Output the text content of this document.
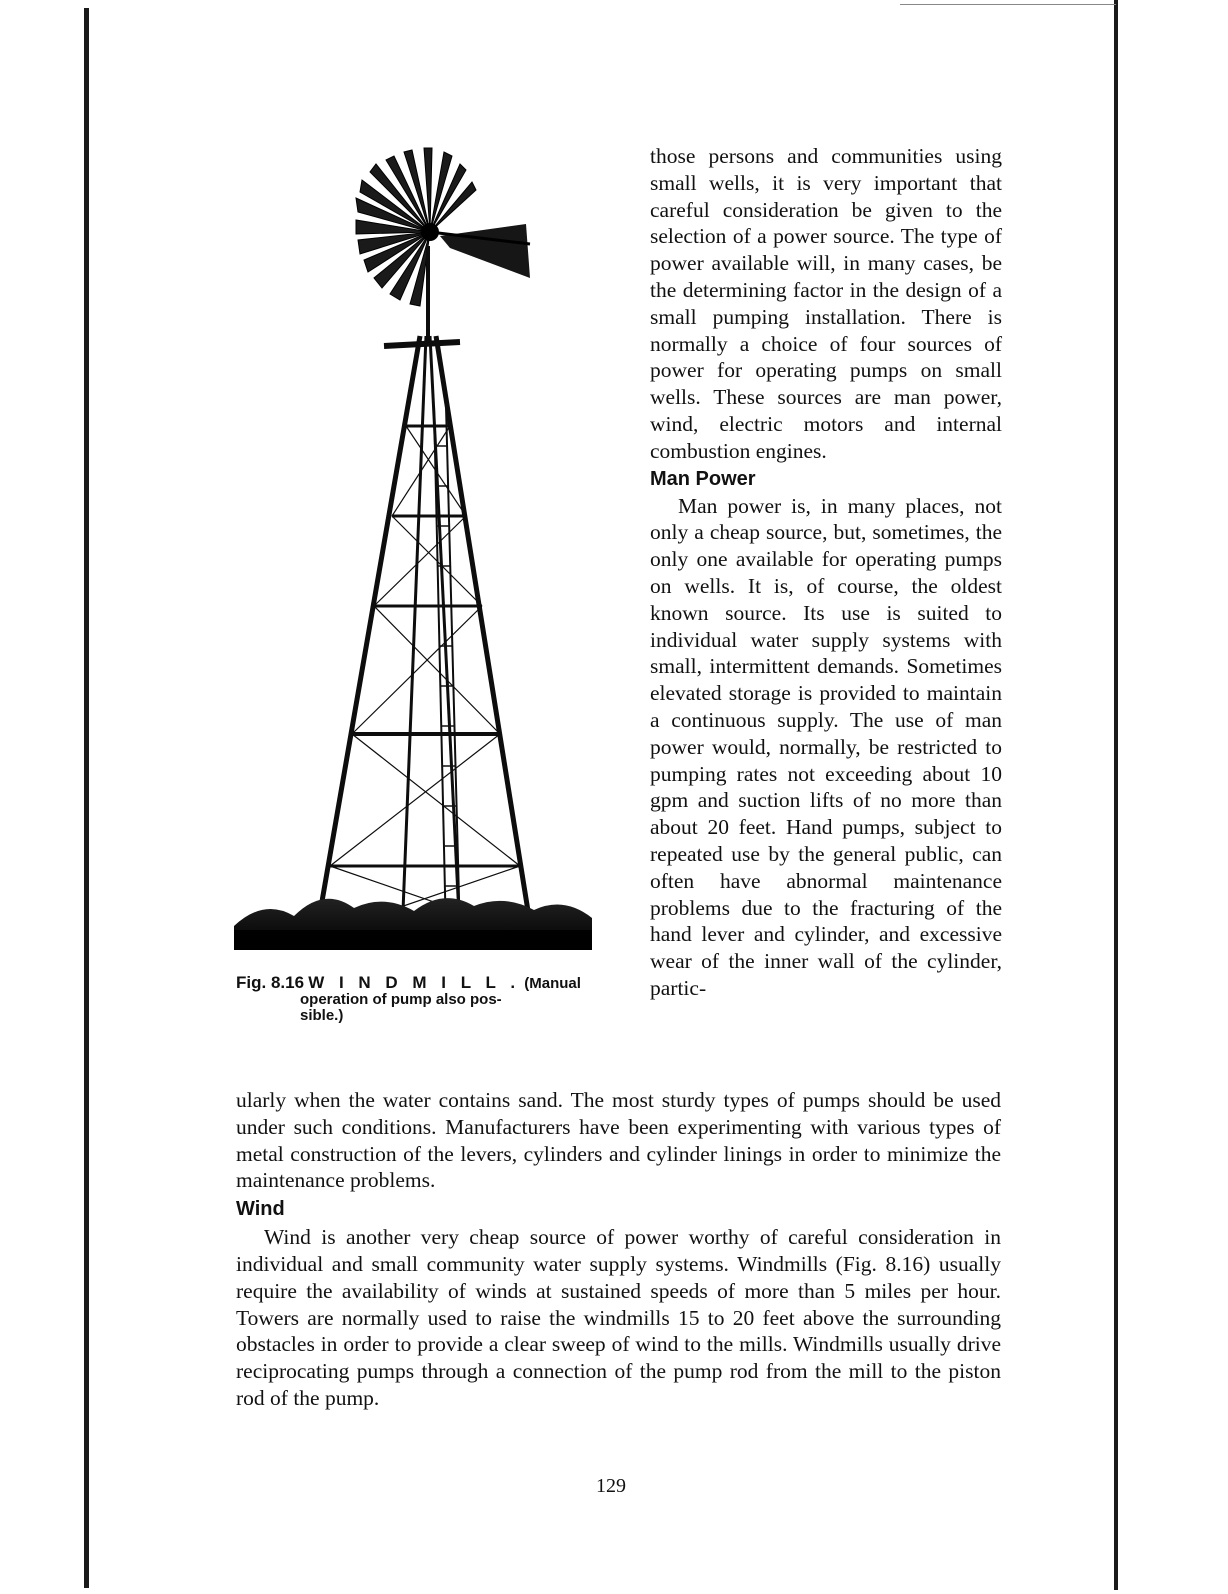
Fig. 8.16 W I N D M I L L . (Manual
operation of pump also pos-
sible.)

those persons and communities using small wells, it is very important that careful consideration be given to the selection of a power source. The type of power available will, in many cases, be the determining factor in the design of a small pumping installation. There is normally a choice of four sources of power for operating pumps on small wells. These sources are man power, wind, electric motors and internal combustion engines.

Man Power

Man power is, in many places, not only a cheap source, but, sometimes, the only one available for operating pumps on wells. It is, of course, the oldest known source. Its use is suited to individual water supply systems with small, intermittent demands. Sometimes elevated storage is provided to maintain a continuous supply. The use of man power would, normally, be restricted to pumping rates not exceeding about 10 gpm and suction lifts of no more than about 20 feet. Hand pumps, subject to repeated use by the general public, can often have abnormal maintenance problems due to the fracturing of the hand lever and cylinder, and excessive wear of the inner wall of the cylinder, partic-

ularly when the water contains sand. The most sturdy types of pumps should be used under such conditions. Manufacturers have been experimenting with various types of metal construction of the levers, cylinders and cylinder linings in order to minimize the maintenance problems.

Wind

Wind is another very cheap source of power worthy of careful consideration in individual and small community water supply systems. Windmills (Fig. 8.16) usually require the availability of winds at sustained speeds of more than 5 miles per hour. Towers are normally used to raise the windmills 15 to 20 feet above the surrounding obstacles in order to provide a clear sweep of wind to the mills. Windmills usually drive reciprocating pumps through a connection of the pump rod from the mill to the piston rod of the pump.

129
